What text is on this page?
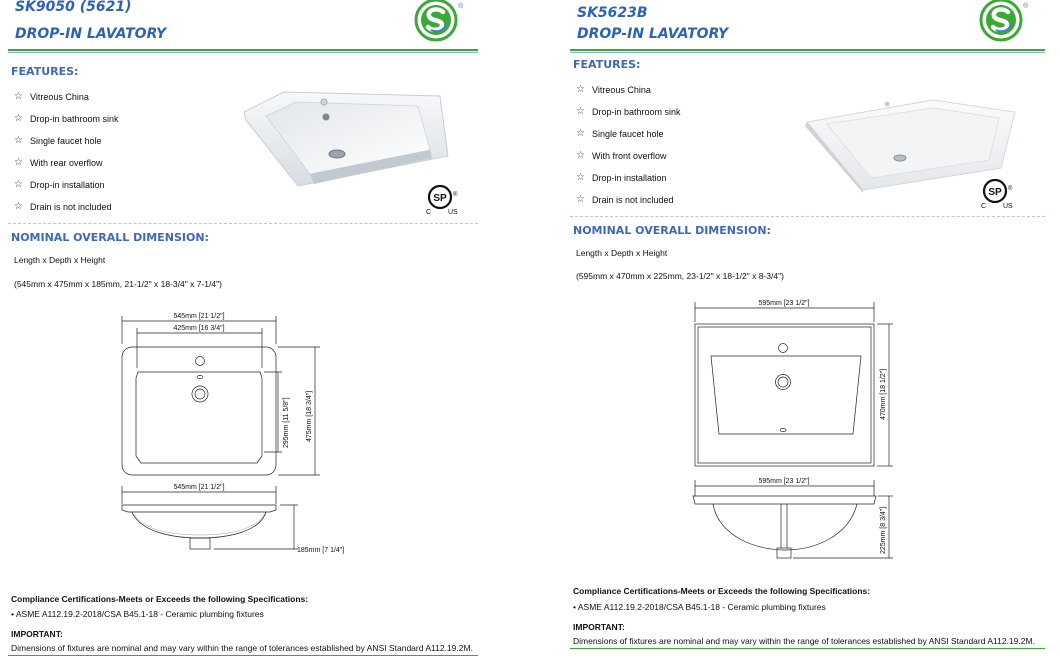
SK9050 (5621)
DROP-IN LAVATORY
®
FEATURES:
☆ Vitreous China
☆ Drop-in bathroom sink
☆ Single faucet hole
☆ With rear overflow
☆ Drop-in installation
☆ Drain is not included
SP ®
C US
NOMINAL OVERALL DIMENSION:
Length x Depth x Height
(545mm x 475mm x 185mm, 21-1/2" x 18-3/4" x 7-1/4")
545mm [21 1/2"]
425mm [16 3/4"]
545mm [21 1/2"]
185mm [7 1/4"]
295mm [11 5/8"] 475mm [18 3/4"]
Compliance Certifications-Meets or Exceeds the following Specifications:
• ASME A112.19.2-2018/CSA B45.1-18 - Ceramic plumbing fixtures
IMPORTANT:
Dimensions of fixtures are nominal and may vary within the range of tolerances established by ANSI Standard A112.19.2M.
SK5623B
DROP-IN LAVATORY
®
FEATURES:
☆ Vitreous China
☆ Drop-in bathroom sink
☆ Single faucet hole
☆ With front overflow
☆ Drop-in installation
☆ Drain is not included
SP ®
C US
NOMINAL OVERALL DIMENSION:
Length x Depth x Height
(595mm x 470mm x 225mm, 23-1/2" x 18-1/2" x 8-3/4")
595mm [23 1/2"]
595mm [23 1/2"]
470mm [18 1/2"]
225mm [8 3/4"]
Compliance Certifications-Meets or Exceeds the following Specifications:
• ASME A112.19.2-2018/CSA B45.1-18 - Ceramic plumbing fixtures
IMPORTANT:
Dimensions of fixtures are nominal and may vary within the range of tolerances established by ANSI Standard A112.19.2M.
